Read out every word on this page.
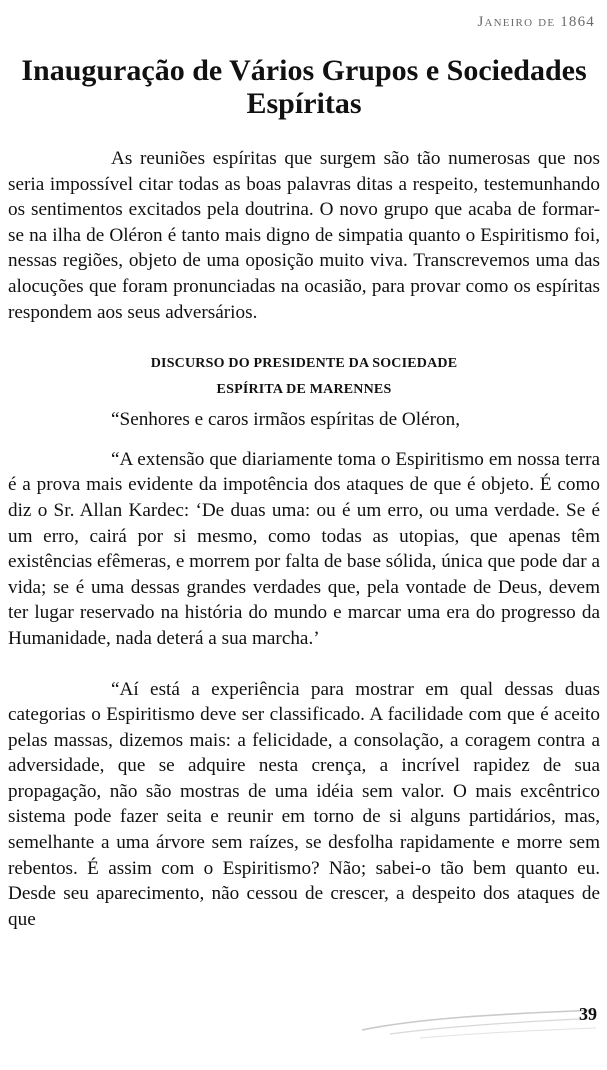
Janeiro de 1864
Inauguração de Vários Grupos e Sociedades Espíritas

As reuniões espíritas que surgem são tão numerosas que nos seria impossível citar todas as boas palavras ditas a respeito, testemunhando os sentimentos excitados pela doutrina. O novo grupo que acaba de formar-se na ilha de Oléron é tanto mais digno de simpatia quanto o Espiritismo foi, nessas regiões, objeto de uma oposição muito viva. Transcrevemos uma das alocuções que foram pronunciadas na ocasião, para provar como os espíritas respondem aos seus adversários.

DISCURSO DO PRESIDENTE DA SOCIEDADE
ESPÍRITA DE MARENNES

“Senhores e caros irmãos espíritas de Oléron,

“A extensão que diariamente toma o Espiritismo em nossa terra é a prova mais evidente da impotência dos ataques de que é objeto. É como diz o Sr. Allan Kardec: ‘De duas uma: ou é um erro, ou uma verdade. Se é um erro, cairá por si mesmo, como todas as utopias, que apenas têm existências efêmeras, e morrem por falta de base sólida, única que pode dar a vida; se é uma dessas grandes verdades que, pela vontade de Deus, devem ter lugar reservado na história do mundo e marcar uma era do progresso da Humanidade, nada deterá a sua marcha.’

“Aí está a experiência para mostrar em qual dessas duas categorias o Espiritismo deve ser classificado. A facilidade com que é aceito pelas massas, dizemos mais: a felicidade, a consolação, a coragem contra a adversidade, que se adquire nesta crença, a incrível rapidez de sua propagação, não são mostras de uma idéia sem valor. O mais excêntrico sistema pode fazer seita e reunir em torno de si alguns partidários, mas, semelhante a uma árvore sem raízes, se desfolha rapidamente e morre sem rebentos. É assim com o Espiritismo? Não; sabei-o tão bem quanto eu. Desde seu aparecimento, não cessou de crescer, a despeito dos ataques de que

39
